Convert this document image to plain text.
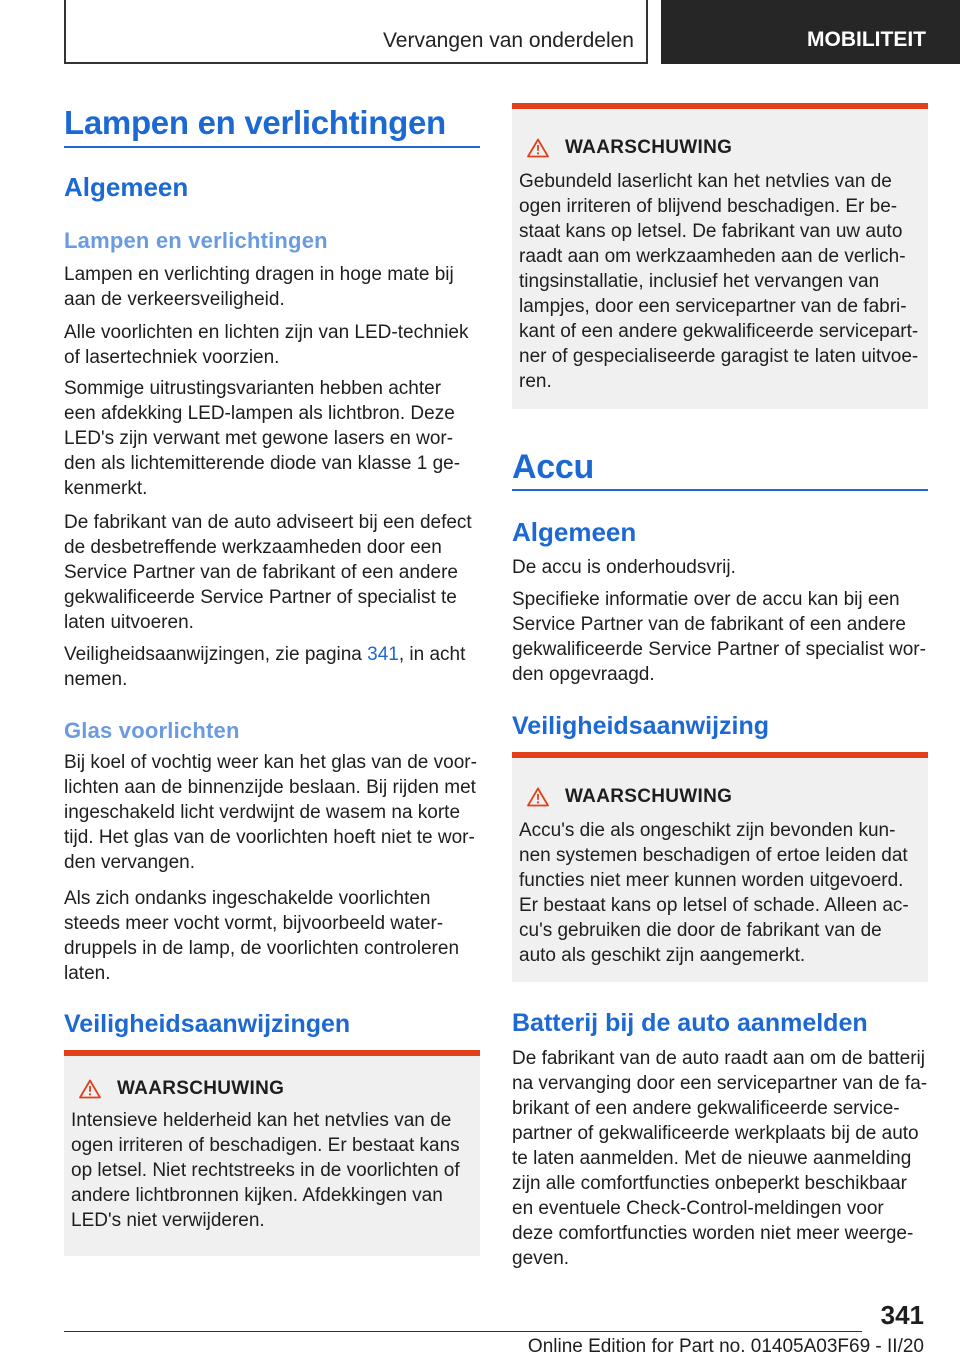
Vervangen van onderdelen	MOBILITEIT
Lampen en verlichtingen
Algemeen
Lampen en verlichtingen

Lampen en verlichting dragen in hoge mate bij aan de verkeersveiligheid.

Alle voorlichten en lichten zijn van LED-techniek of lasertechniek voorzien.

Sommige uitrustingsvarianten hebben achter een afdekking LED-lampen als lichtbron. Deze LED's zijn verwant met gewone lasers en wor-den als lichtemitterende diode van klasse 1 ge-kenmerkt.

De fabrikant van de auto adviseert bij een defect de desbetreffende werkzaamheden door een Service Partner van de fabrikant of een andere gekwalificeerde Service Partner of specialist te laten uitvoeren.

Veiligheidsaanwijzingen, zie pagina 341, in acht nemen.

Glas voorlichten

Bij koel of vochtig weer kan het glas van de voor-lichten aan de binnenzijde beslaan. Bij rijden met ingeschakeld licht verdwijnt de wasem na korte tijd. Het glas van de voorlichten hoeft niet te wor-den vervangen.

Als zich ondanks ingeschakelde voorlichten steeds meer vocht vormt, bijvoorbeeld water-druppels in de lamp, de voorlichten controleren laten.

Veiligheidsaanwijzingen
WAARSCHUWING

Intensieve helderheid kan het netvlies van de ogen irriteren of beschadigen. Er bestaat kans op letsel. Niet rechtstreeks in de voorlichten of andere lichtbronnen kijken. Afdekkingen van LED's niet verwijderen.

WAARSCHUWING

Gebundeld laserlicht kan het netvlies van de ogen irriteren of blijvend beschadigen. Er be-staat kans op letsel. De fabrikant van uw auto raadt aan om werkzaamheden aan de verlich-tingsinstallatie, inclusief het vervangen van lampjes, door een servicepartner van de fabri-kant of een andere gekwalificeerde servicepart-ner of gespecialiseerde garagist te laten uitvoe-ren.

Accu
Algemeen

De accu is onderhoudsvrij.

Specifieke informatie over de accu kan bij een Service Partner van de fabrikant of een andere gekwalificeerde Service Partner of specialist wor-den opgevraagd.

Veiligheidsaanwijzing
WAARSCHUWING

Accu's die als ongeschikt zijn bevonden kun-nen systemen beschadigen of ertoe leiden dat functies niet meer kunnen worden uitgevoerd. Er bestaat kans op letsel of schade. Alleen ac-cu's gebruiken die door de fabrikant van de auto als geschikt zijn aangemerkt.

Batterij bij de auto aanmelden

De fabrikant van de auto raadt aan om de batterij na vervanging door een servicepartner van de fa-brikant of een andere gekwalificeerde service-partner of gekwalificeerde werkplaats bij de auto te laten aanmelden. Met de nieuwe aanmelding zijn alle comfortfuncties onbeperkt beschikbaar en eventuele Check-Control-meldingen voor deze comfortfuncties worden niet meer weerge-geven.

341
Online Edition for Part no. 01405A03F69 - II/20
